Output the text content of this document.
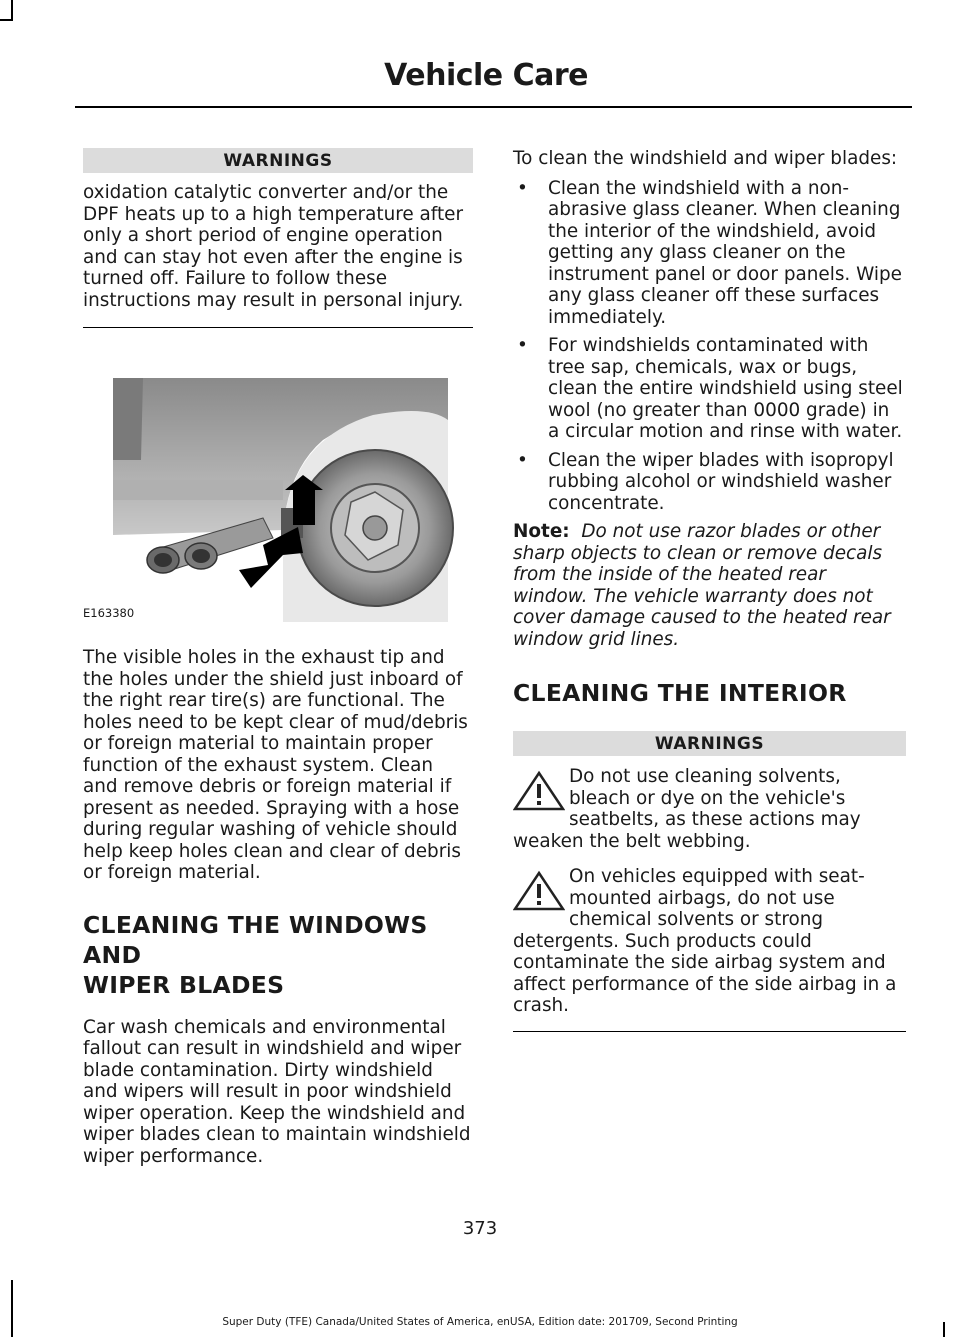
Vehicle Care
WARNINGS

oxidation catalytic converter and/or the DPF heats up to a high temperature after only a short period of engine operation and can stay hot even after the engine is turned off. Failure to follow these instructions may result in personal injury.

E163380

The visible holes in the exhaust tip and the holes under the shield just inboard of the right rear tire(s) are functional. The holes need to be kept clear of mud/debris or foreign material to maintain proper function of the exhaust system. Clean and remove debris or foreign material if present as needed. Spraying with a hose during regular washing of vehicle should help keep holes clean and clear of debris or foreign material.

CLEANING THE WINDOWS AND

WIPER BLADES

Car wash chemicals and environmental fallout can result in windshield and wiper blade contamination. Dirty windshield and wipers will result in poor windshield wiper operation. Keep the windshield and wiper blades clean to maintain windshield wiper performance.

To clean the windshield and wiper blades:

• Clean the windshield with a non-abrasive glass cleaner. When cleaning the interior of the windshield, avoid getting any glass cleaner on the instrument panel or door panels. Wipe any glass cleaner off these surfaces immediately.
• For windshields contaminated with tree sap, chemicals, wax or bugs, clean the entire windshield using steel wool (no greater than 0000 grade) in a circular motion and rinse with water.
• Clean the wiper blades with isopropyl rubbing alcohol or windshield washer concentrate.

Note: Do not use razor blades or other sharp objects to clean or remove decals from the inside of the heated rear window. The vehicle warranty does not cover damage caused to the heated rear window grid lines.

CLEANING THE INTERIOR

WARNINGS

Do not use cleaning solvents, bleach or dye on the vehicle's seatbelts, as these actions may weaken the belt webbing.

On vehicles equipped with seat-mounted airbags, do not use chemical solvents or strong detergents. Such products could contaminate the side airbag system and affect performance of the side airbag in a crash.

373
Super Duty (TFE) Canada/United States of America, enUSA, Edition date: 201709, Second Printing
